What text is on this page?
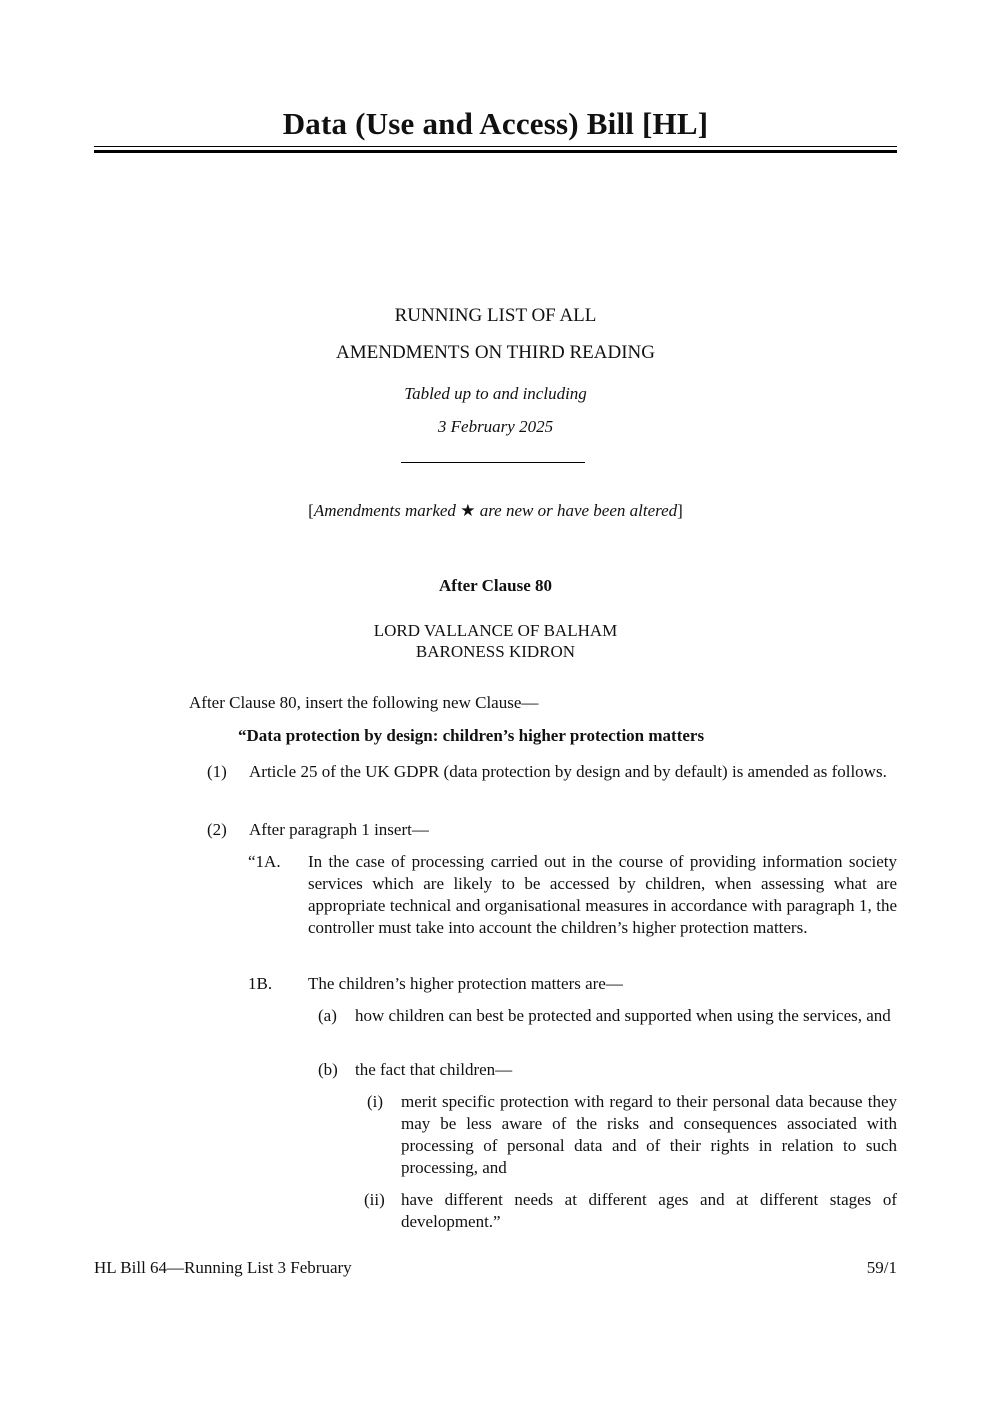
Data (Use and Access) Bill [HL]
RUNNING LIST OF ALL
AMENDMENTS ON THIRD READING
Tabled up to and including
3 February 2025
[Amendments marked ★ are new or have been altered]
After Clause 80
LORD VALLANCE OF BALHAM
BARONESS KIDRON
After Clause 80, insert the following new Clause—
“Data protection by design: children’s higher protection matters
(1) Article 25 of the UK GDPR (data protection by design and by default) is amended as follows.
(2) After paragraph 1 insert—
“1A. In the case of processing carried out in the course of providing information society services which are likely to be accessed by children, when assessing what are appropriate technical and organisational measures in accordance with paragraph 1, the controller must take into account the children’s higher protection matters.
1B. The children’s higher protection matters are—
(a) how children can best be protected and supported when using the services, and
(b) the fact that children—
(i) merit specific protection with regard to their personal data because they may be less aware of the risks and consequences associated with processing of personal data and of their rights in relation to such processing, and
(ii) have different needs at different ages and at different stages of development.”
HL Bill 64—Running List 3 February	59/1
